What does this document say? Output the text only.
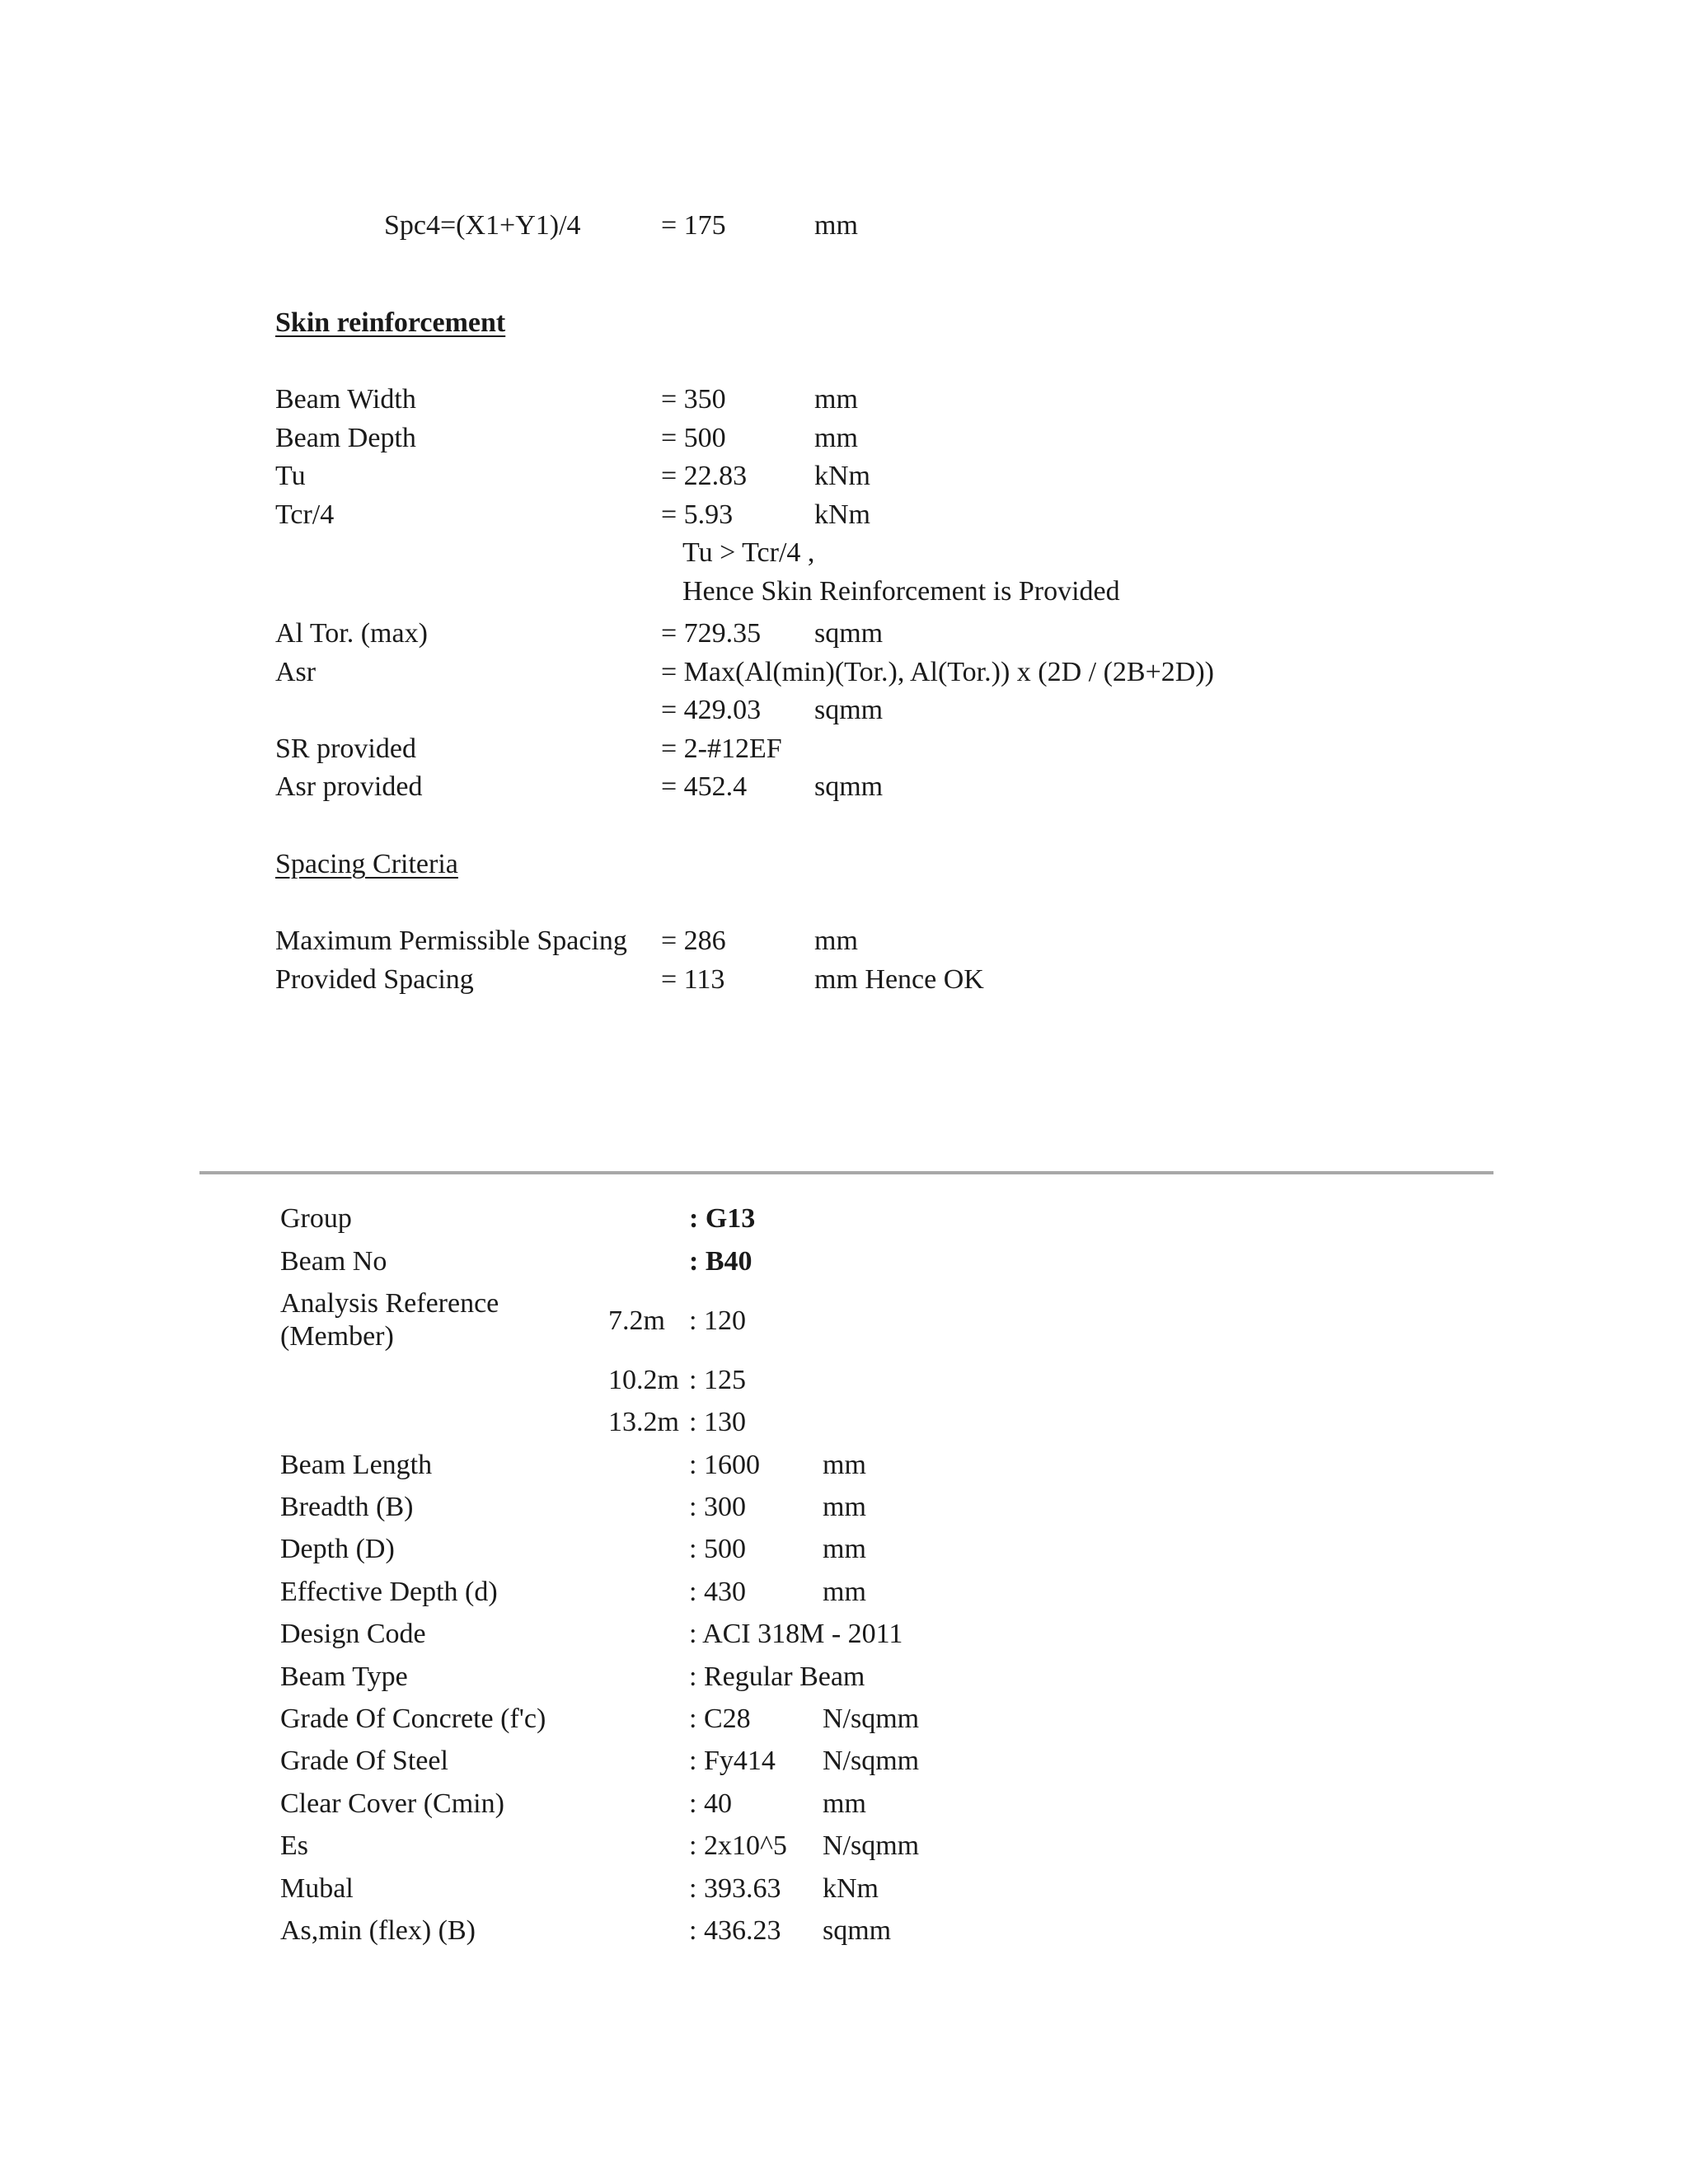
Spc4=(X1+Y1)/4	= 175	mm
Skin reinforcement
Beam Width	= 350	mm
Beam Depth	= 500	mm
Tu	= 22.83 kNm
Tcr/4	= 5.93	kNm
Tu > Tcr/4 ,
Hence Skin Reinforcement is Provided
Al Tor. (max)	= 729.35 sqmm
Asr	= Max(Al(min)(Tor.), Al(Tor.)) x (2D / (2B+2D))
= 429.03 sqmm
SR provided	= 2-#12EF
Asr provided	= 452.4 sqmm
Spacing Criteria
Maximum Permissible Spacing = 286	mm
Provided Spacing	= 113	mm Hence OK
Group	: G13
Beam No	: B40
Analysis Reference (Member)
7.2m : 120
10.2m : 125
13.2m : 130
Beam Length	: 1600 mm
Breadth (B)	: 300	mm
Depth (D)	: 500	mm
Effective Depth (d)	: 430	mm
Design Code	: ACI 318M - 2011
Beam Type	: Regular Beam
Grade Of Concrete (f'c)	: C28	N/sqmm
Grade Of Steel	: Fy414 N/sqmm
Clear Cover (Cmin)	: 40	mm
Es	: 2x10^5 N/sqmm
Mubal	: 393.63 kNm
As,min (flex) (B)	: 436.23 sqmm
